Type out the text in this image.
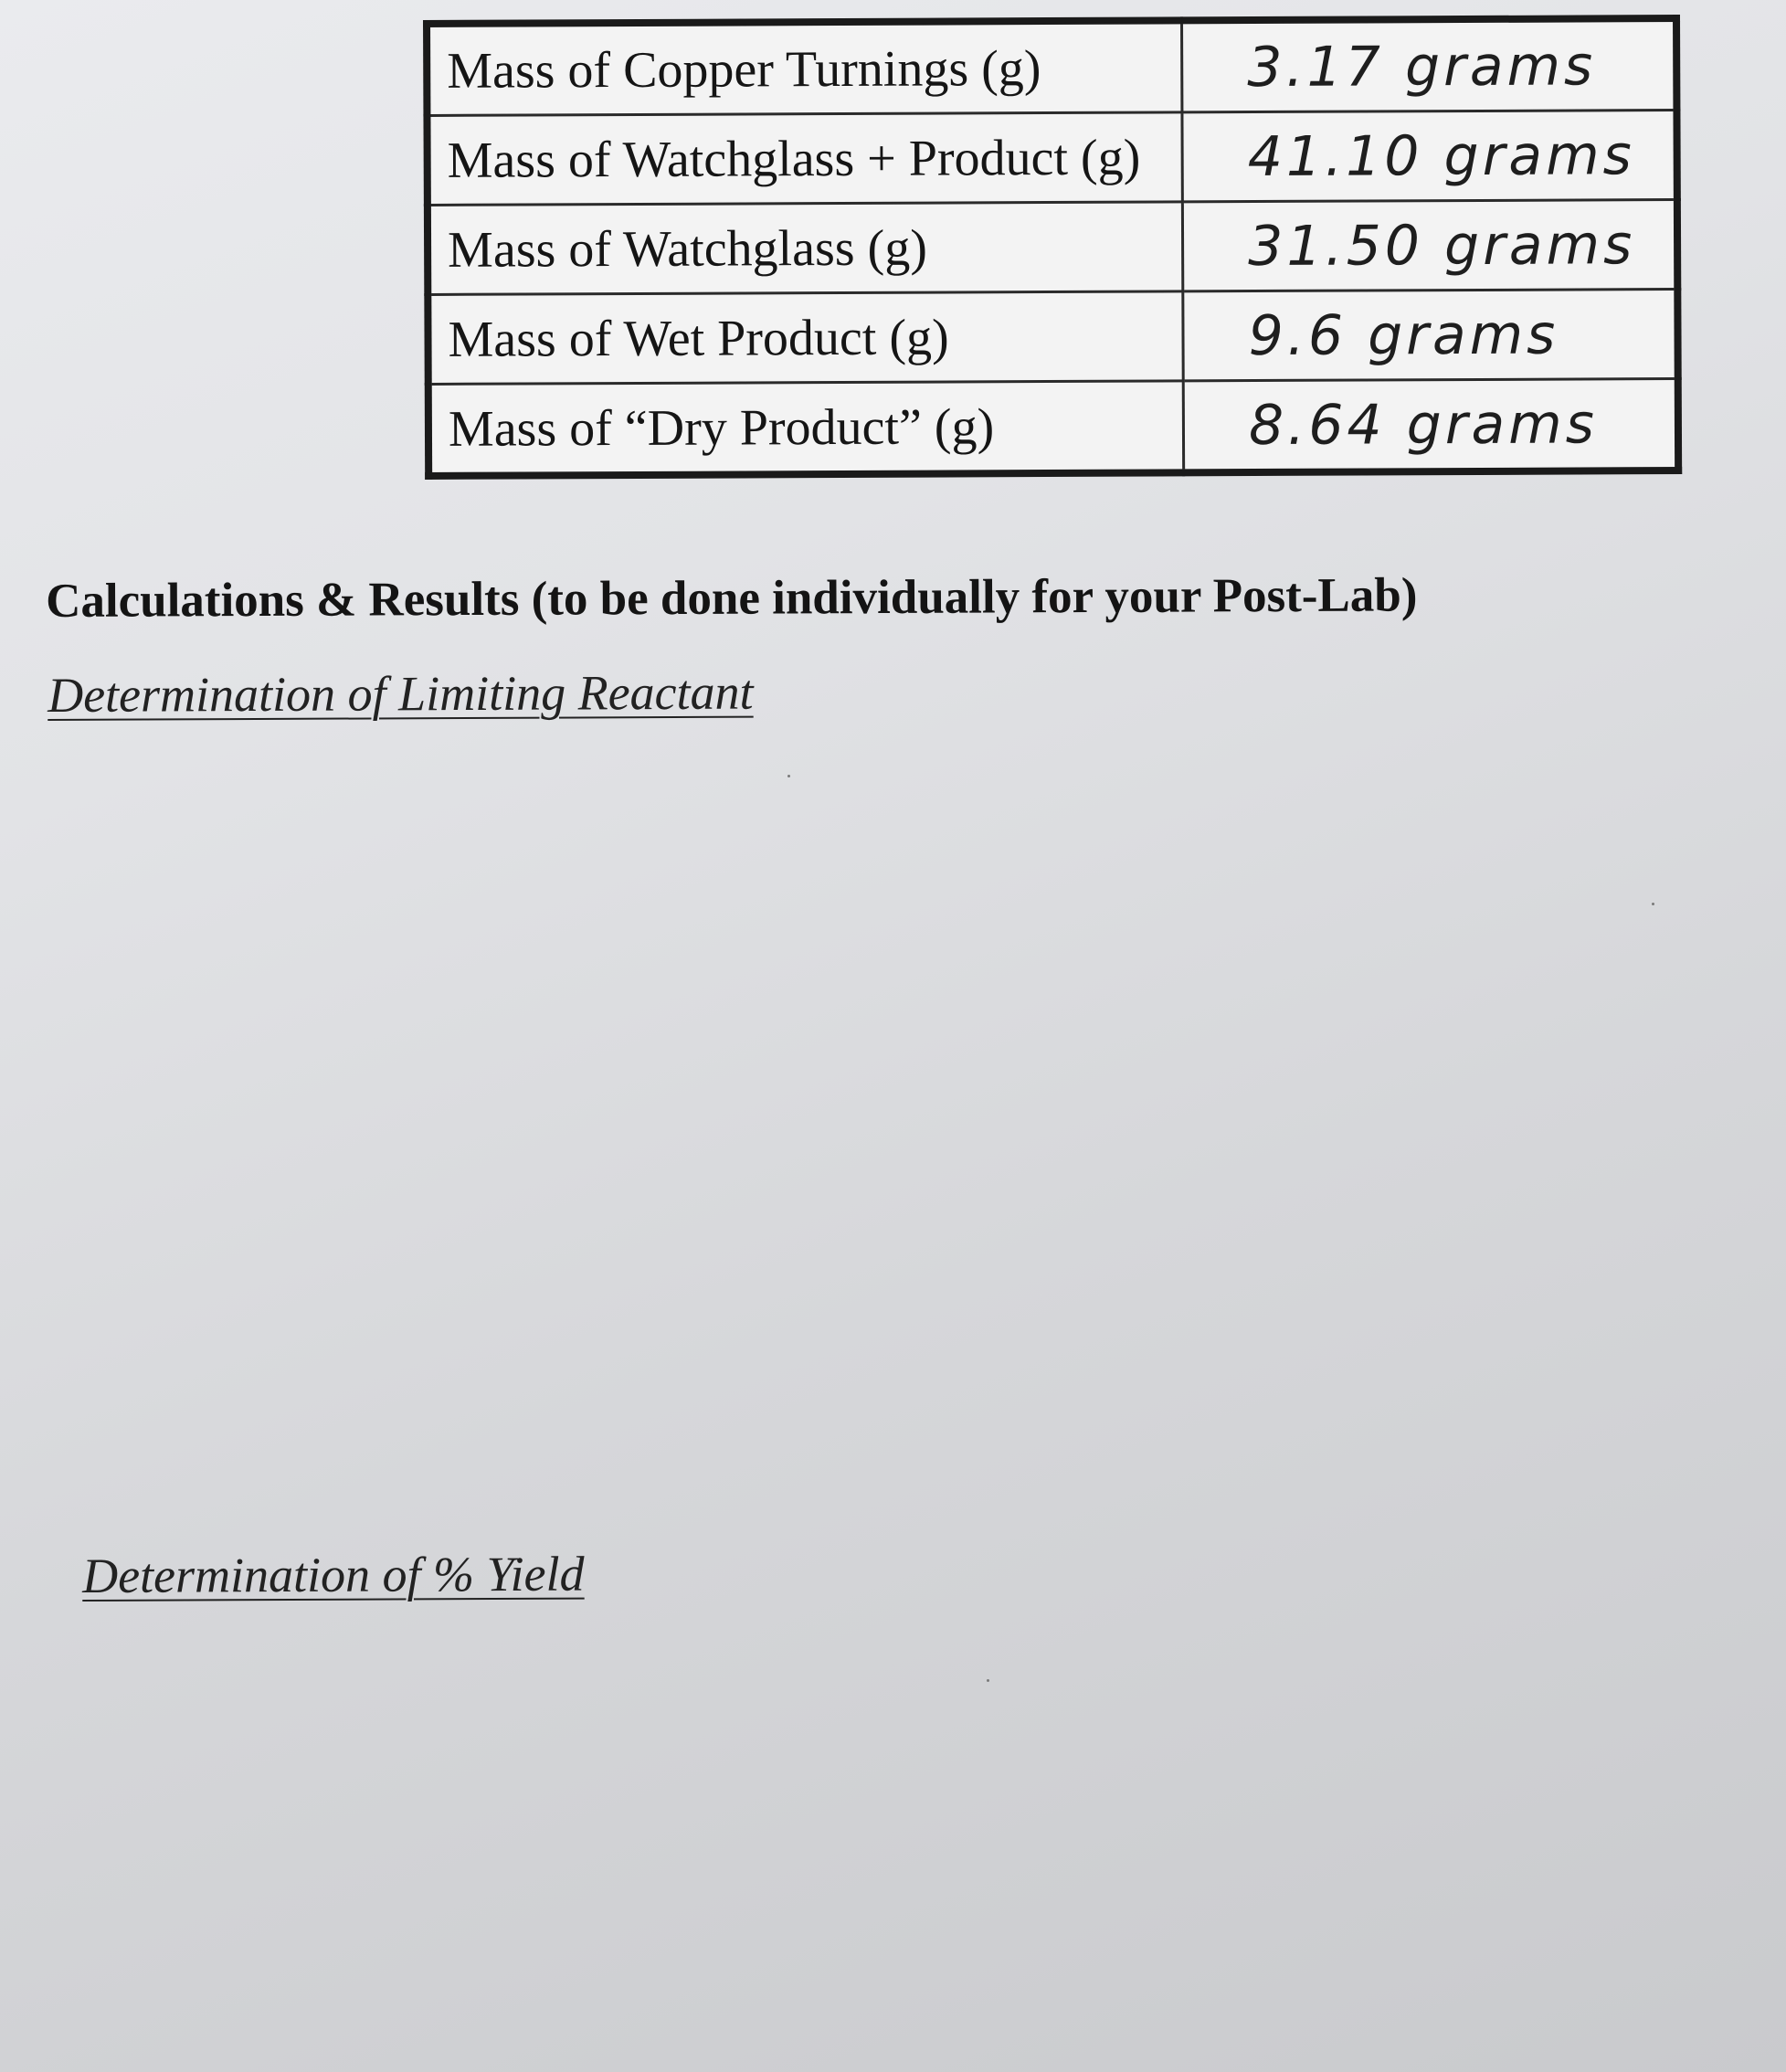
Mass of Copper Turnings (g)	3.17 grams
Mass of Watchglass + Product (g)	41.10 grams
Mass of Watchglass (g)	31.50 grams
Mass of Wet Product (g)	9.6 grams
Mass of “Dry Product” (g)	8.64 grams
Calculations & Results (to be done individually for your Post-Lab)
Determination of Limiting Reactant
Determination of % Yield
